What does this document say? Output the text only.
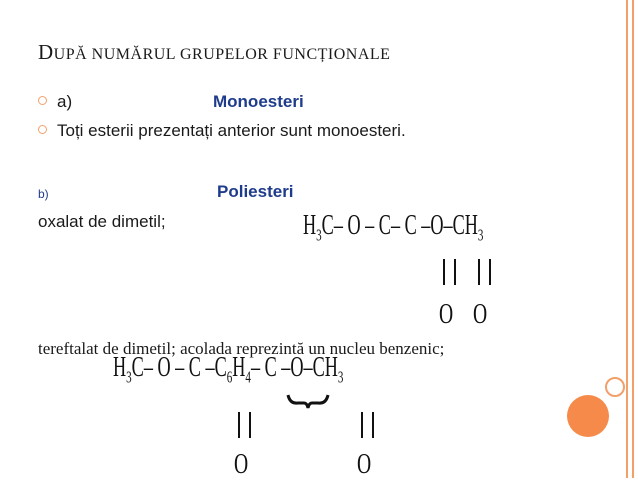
DUPĂ NUMĂRUL GRUPELOR FUNCȚIONALE
a)	Monoesteri
Toți esterii prezentați anterior sunt monoesteri.
b)	Poliesteri
oxalat de dimetil;	$H_3C-$ O – C– C $-O-CH_3$
O O
tereftalat de dimetil; acolada reprezintă un nucleu benzenic;
$H_3C-$ O – C $-C_6H_4-$ C $-O-CH_3$
O	O
